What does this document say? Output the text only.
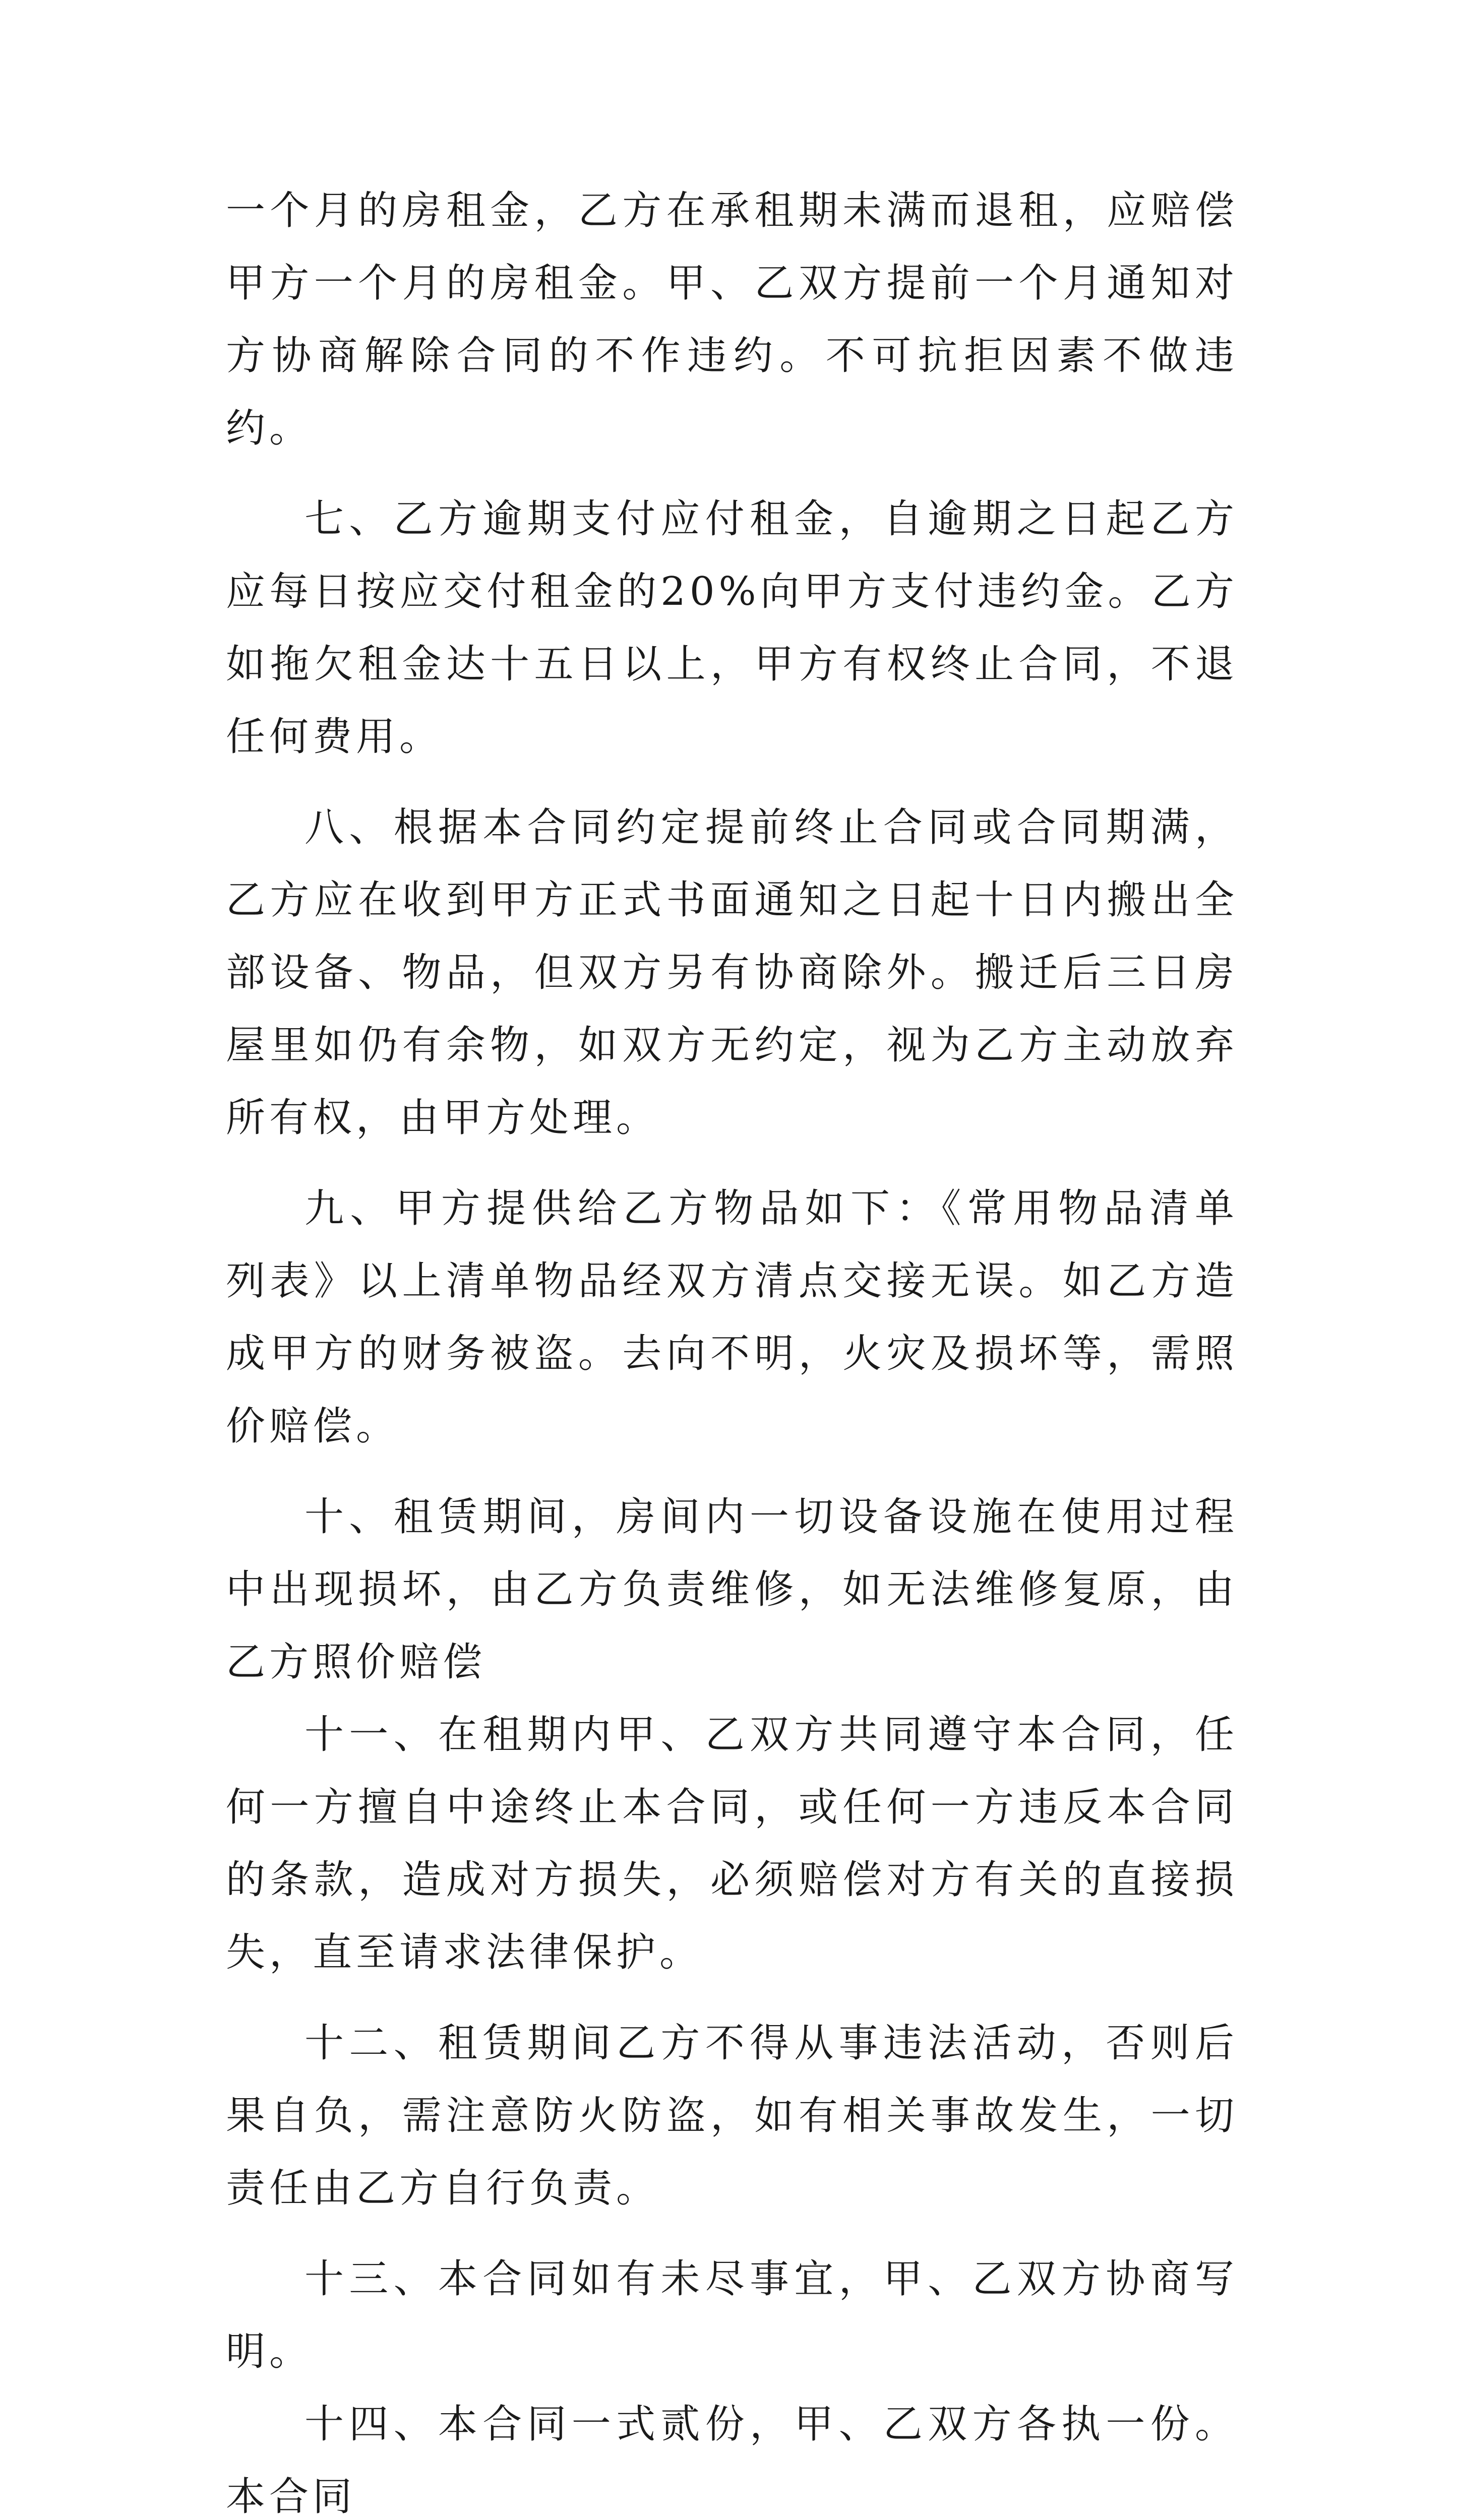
一个月的房租金，乙方在承租期未满而退租，应赔偿甲方一个月的房租金。甲、乙双方提前一个月通知对方协商解除合同的不作违约。不可抗拒因素不做违约。

七、乙方逾期支付应付租金，自逾期之日起乙方应每日按应交付租金的20%向甲方支付违约金。乙方如拖欠租金达十五日以上，甲方有权终止合同，不退任何费用。

八、根据本合同约定提前终止合同或合同期满，乙方应在收到甲方正式书面通知之日起十日内搬出全部设备、物品，但双方另有协商除外。搬迁后三日房屋里如仍有余物，如双方无约定，视为乙方主动放弃所有权，由甲方处理。

九、甲方提供给乙方物品如下：《常用物品清单列表》以上清单物品经双方清点交接无误。如乙方造成甲方的财务被盗。去向不明，火灾及损坏等，需照价赔偿。

十、租赁期间，房间内一切设备设施在使用过程中出现损坏，由乙方负责维修，如无法维修复原，由乙方照价赔偿

十一、在租期内甲、乙双方共同遵守本合同，任何一方擅自中途终止本合同，或任何一方违反本合同的条款，造成对方损失，必须赔偿对方有关的直接损失，直至请求法律保护。

十二、租赁期间乙方不得从事违法活动，否则后果自负，需注意防火防盗，如有相关事故发生，一切责任由乙方自行负责。

十三、本合同如有未尽事宜，甲、乙双方协商写明。

十四、本合同一式贰份，甲、乙双方各执一份。本合同
